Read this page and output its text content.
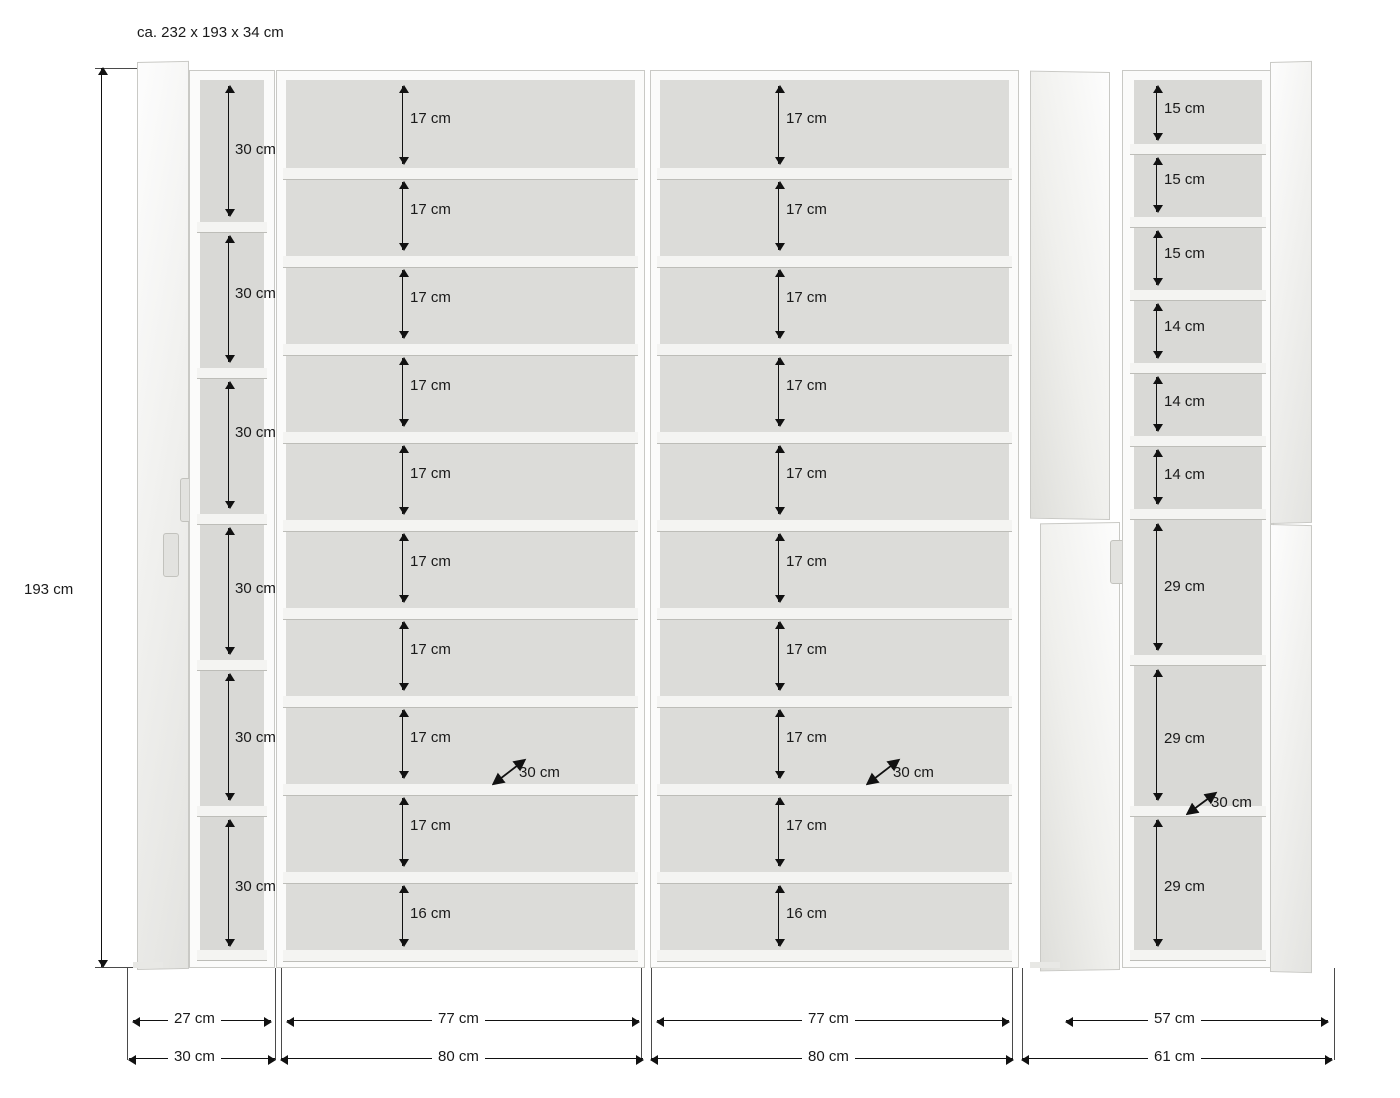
ca. 232 x 193 x 34 cm
193 cm
30 cm
30 cm
30 cm
30 cm
30 cm
30 cm
17 cm
17 cm
17 cm
17 cm
17 cm
17 cm
17 cm
17 cm
17 cm
16 cm
30 cm
17 cm
17 cm
17 cm
17 cm
17 cm
17 cm
17 cm
17 cm
17 cm
16 cm
30 cm
15 cm
15 cm
15 cm
14 cm
14 cm
14 cm
29 cm
29 cm
29 cm
30 cm
27 cm	77 cm	77 cm	57 cm
30 cm	80 cm	80 cm	61 cm
